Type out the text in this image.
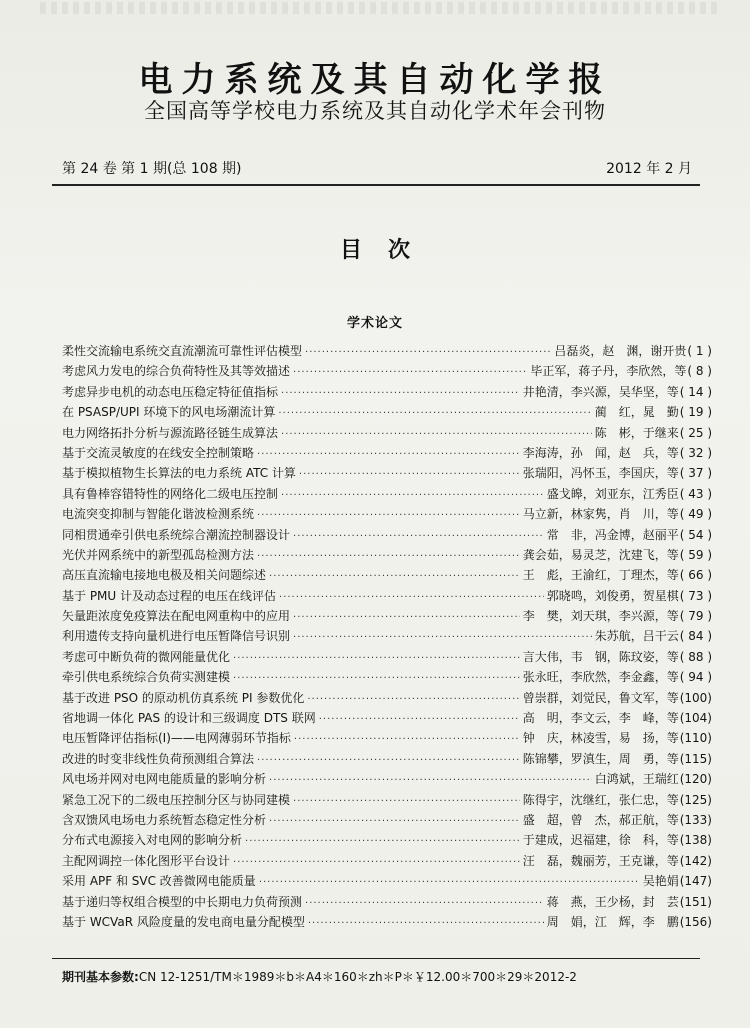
电力系统及其自动化学报
全国高等学校电力系统及其自动化学术年会刊物
第 24 卷 第 1 期(总 108 期)	2012 年 2 月
目次
学术论文
柔性交流输电系统交直流潮流可靠性评估模型 ·····	吕磊炎，赵　渊，谢开贵 ( 1 )
考虑风力发电的综合负荷特性及其等效描述 ·····	毕正军，蒋子丹，李欣然，等 ( 8 )
考虑异步电机的动态电压稳定特征值指标 ·····	井艳清，李兴源，吴华坚，等 ( 14 )
在 PSASP/UPI 环境下的风电场潮流计算 ·····	蔺　红，晁　勤 ( 19 )
电力网络拓扑分析与源流路径链生成算法 ·····	陈　彬，于继来 ( 25 )
基于交流灵敏度的在线安全控制策略 ·····	李海涛，孙　闻，赵　兵，等 ( 32 )
基于模拟植物生长算法的电力系统 ATC 计算 ·····	张瑞阳，冯怀玉，李国庆，等 ( 37 )
具有鲁棒容错特性的网络化二级电压控制 ·····	盛戈皞，刘亚东，江秀臣 ( 43 )
电流突变抑制与智能化谐波检测系统 ·····	马立新，林家隽，肖　川，等 ( 49 )
同相贯通牵引供电系统综合潮流控制器设计 ·····	常　非，冯金博，赵丽平 ( 54 )
光伏并网系统中的新型孤岛检测方法 ·····	龚会茹，易灵芝，沈建飞，等 ( 59 )
高压直流输电接地电极及相关问题综述 ·····	王　彪，王渝红，丁理杰，等 ( 66 )
基于 PMU 计及动态过程的电压在线评估 ·····	郭晓鸣，刘俊勇，贺星棋 ( 73 )
矢量距浓度免疫算法在配电网重构中的应用 ·····	李　樊，刘天琪，李兴源，等 ( 79 )
利用遗传支持向量机进行电压暂降信号识别 ·····	朱苏航，吕干云 ( 84 )
考虑可中断负荷的微网能量优化 ·····	言大伟，韦　钢，陈玟姿，等 ( 88 )
牵引供电系统综合负荷实测建模 ·····	张永旺，李欣然，李金鑫，等 ( 94 )
基于改进 PSO 的原动机仿真系统 PI 参数优化 ·····	曾崇群，刘觉民，鲁文军，等 (100)
省地调一体化 PAS 的设计和三级调度 DTS 联网 ·····	高　明，李文云，李　峰，等 (104)
电压暂降评估指标(I)——电网薄弱环节指标 ·····	钟　庆，林凌雪，易　扬，等 (110)
改进的时变非线性负荷预测组合算法 ·····	陈锦攀，罗滇生，周　勇，等 (115)
风电场并网对电网电能质量的影响分析 ·····	白鸿斌，王瑞红 (120)
紧急工况下的二级电压控制分区与协同建模 ·····	陈得宇，沈继红，张仁忠，等 (125)
含双馈风电场电力系统暂态稳定性分析 ·····	盛　超，曾　杰，郝正航，等 (133)
分布式电源接入对电网的影响分析 ·····	于建成，迟福建，徐　科，等 (138)
主配网调控一体化图形平台设计 ·····	汪　磊，魏丽芳，王克谦，等 (142)
采用 APF 和 SVC 改善微网电能质量 ·····	吴艳娟 (147)
基于递归等权组合模型的中长期电力负荷预测 ·····	蒋　燕，王少杨，封　芸 (151)
基于 WCVaR 风险度量的发电商电量分配模型 ·····	周　娟，江　辉，李　鹏 (156)
期刊基本参数:CN 12-1251/TM＊1989＊b＊A4＊160＊zh＊P＊￥12.00＊700＊29＊2012-2
